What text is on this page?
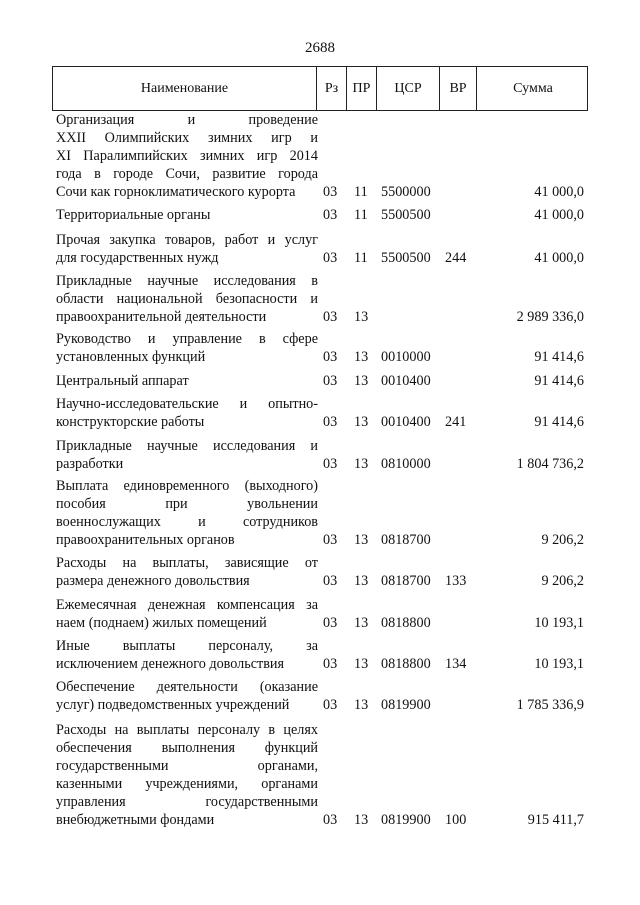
2688
Наименование	Рз	ПР	ЦСР	ВР	Сумма
Организация и проведение
XXII Олимпийских зимних игр и
XI Паралимпийских зимних игр 2014
года в городе Сочи, развитие города
Сочи как горноклиматического курорта	03 11 5500000	41 000,0
Территориальные органы	03 11 5500500	41 000,0
Прочая закупка товаров, работ и услуг
для государственных нужд	03 11 5500500 244	41 000,0
Прикладные научные исследования в
области национальной безопасности и
правоохранительной деятельности	03 13	2 989 336,0
Руководство и управление в сфере
установленных функций	03 13 0010000	91 414,6
Центральный аппарат	03 13 0010400	91 414,6
Научно-исследовательские и опытно-
конструкторские работы	03 13 0010400 241	91 414,6
Прикладные научные исследования и
разработки	03 13 0810000	1 804 736,2
Выплата единовременного (выходного)
пособия при увольнении
военнослужащих и сотрудников
правоохранительных органов	03 13 0818700	9 206,2
Расходы на выплаты, зависящие от
размера денежного довольствия	03 13 0818700 133	9 206,2
Ежемесячная денежная компенсация за
наем (поднаем) жилых помещений	03 13 0818800	10 193,1
Иные выплаты персоналу, за
исключением денежного довольствия	03 13 0818800 134	10 193,1
Обеспечение деятельности (оказание
услуг) подведомственных учреждений	03 13 0819900	1 785 336,9
Расходы на выплаты персоналу в целях
обеспечения выполнения функций
государственными органами,
казенными учреждениями, органами
управления государственными
внебюджетными фондами	03 13 0819900 100	915 411,7
